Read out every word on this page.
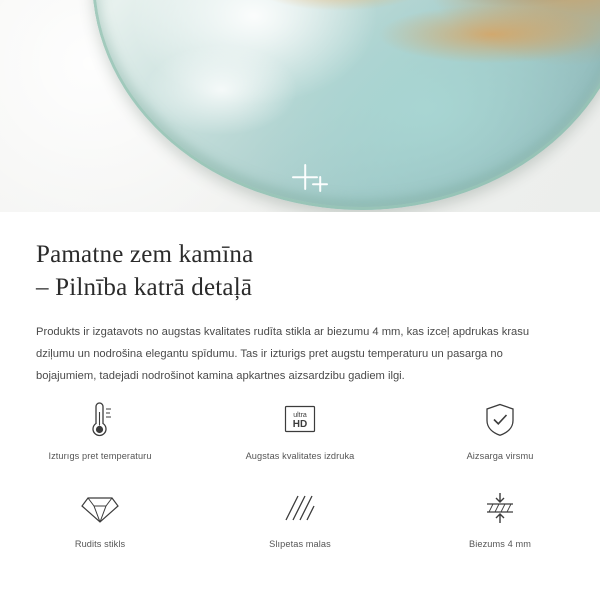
Pamatne zem kamīna
– Pilnība katrā detaļā

Produkts ir izgatavots no augstas kvalitates rudīta stikla ar biezumu 4 mm, kas izceļ apdrukas krasu dziļumu un nodrošina elegantu spīdumu. Tas ir izturigs pret augstu temperaturu un pasarga no bojajumiem, tadejadi nodrošinot kamina apkartnes aizsardzibu gadiem ilgi.

Izturıgs pret temperaturu
ultra
HD
Augstas kvalitates izdruka	Aizsarga virsmu
Rudits stikls	Slıpetas malas	Biezums 4 mm
